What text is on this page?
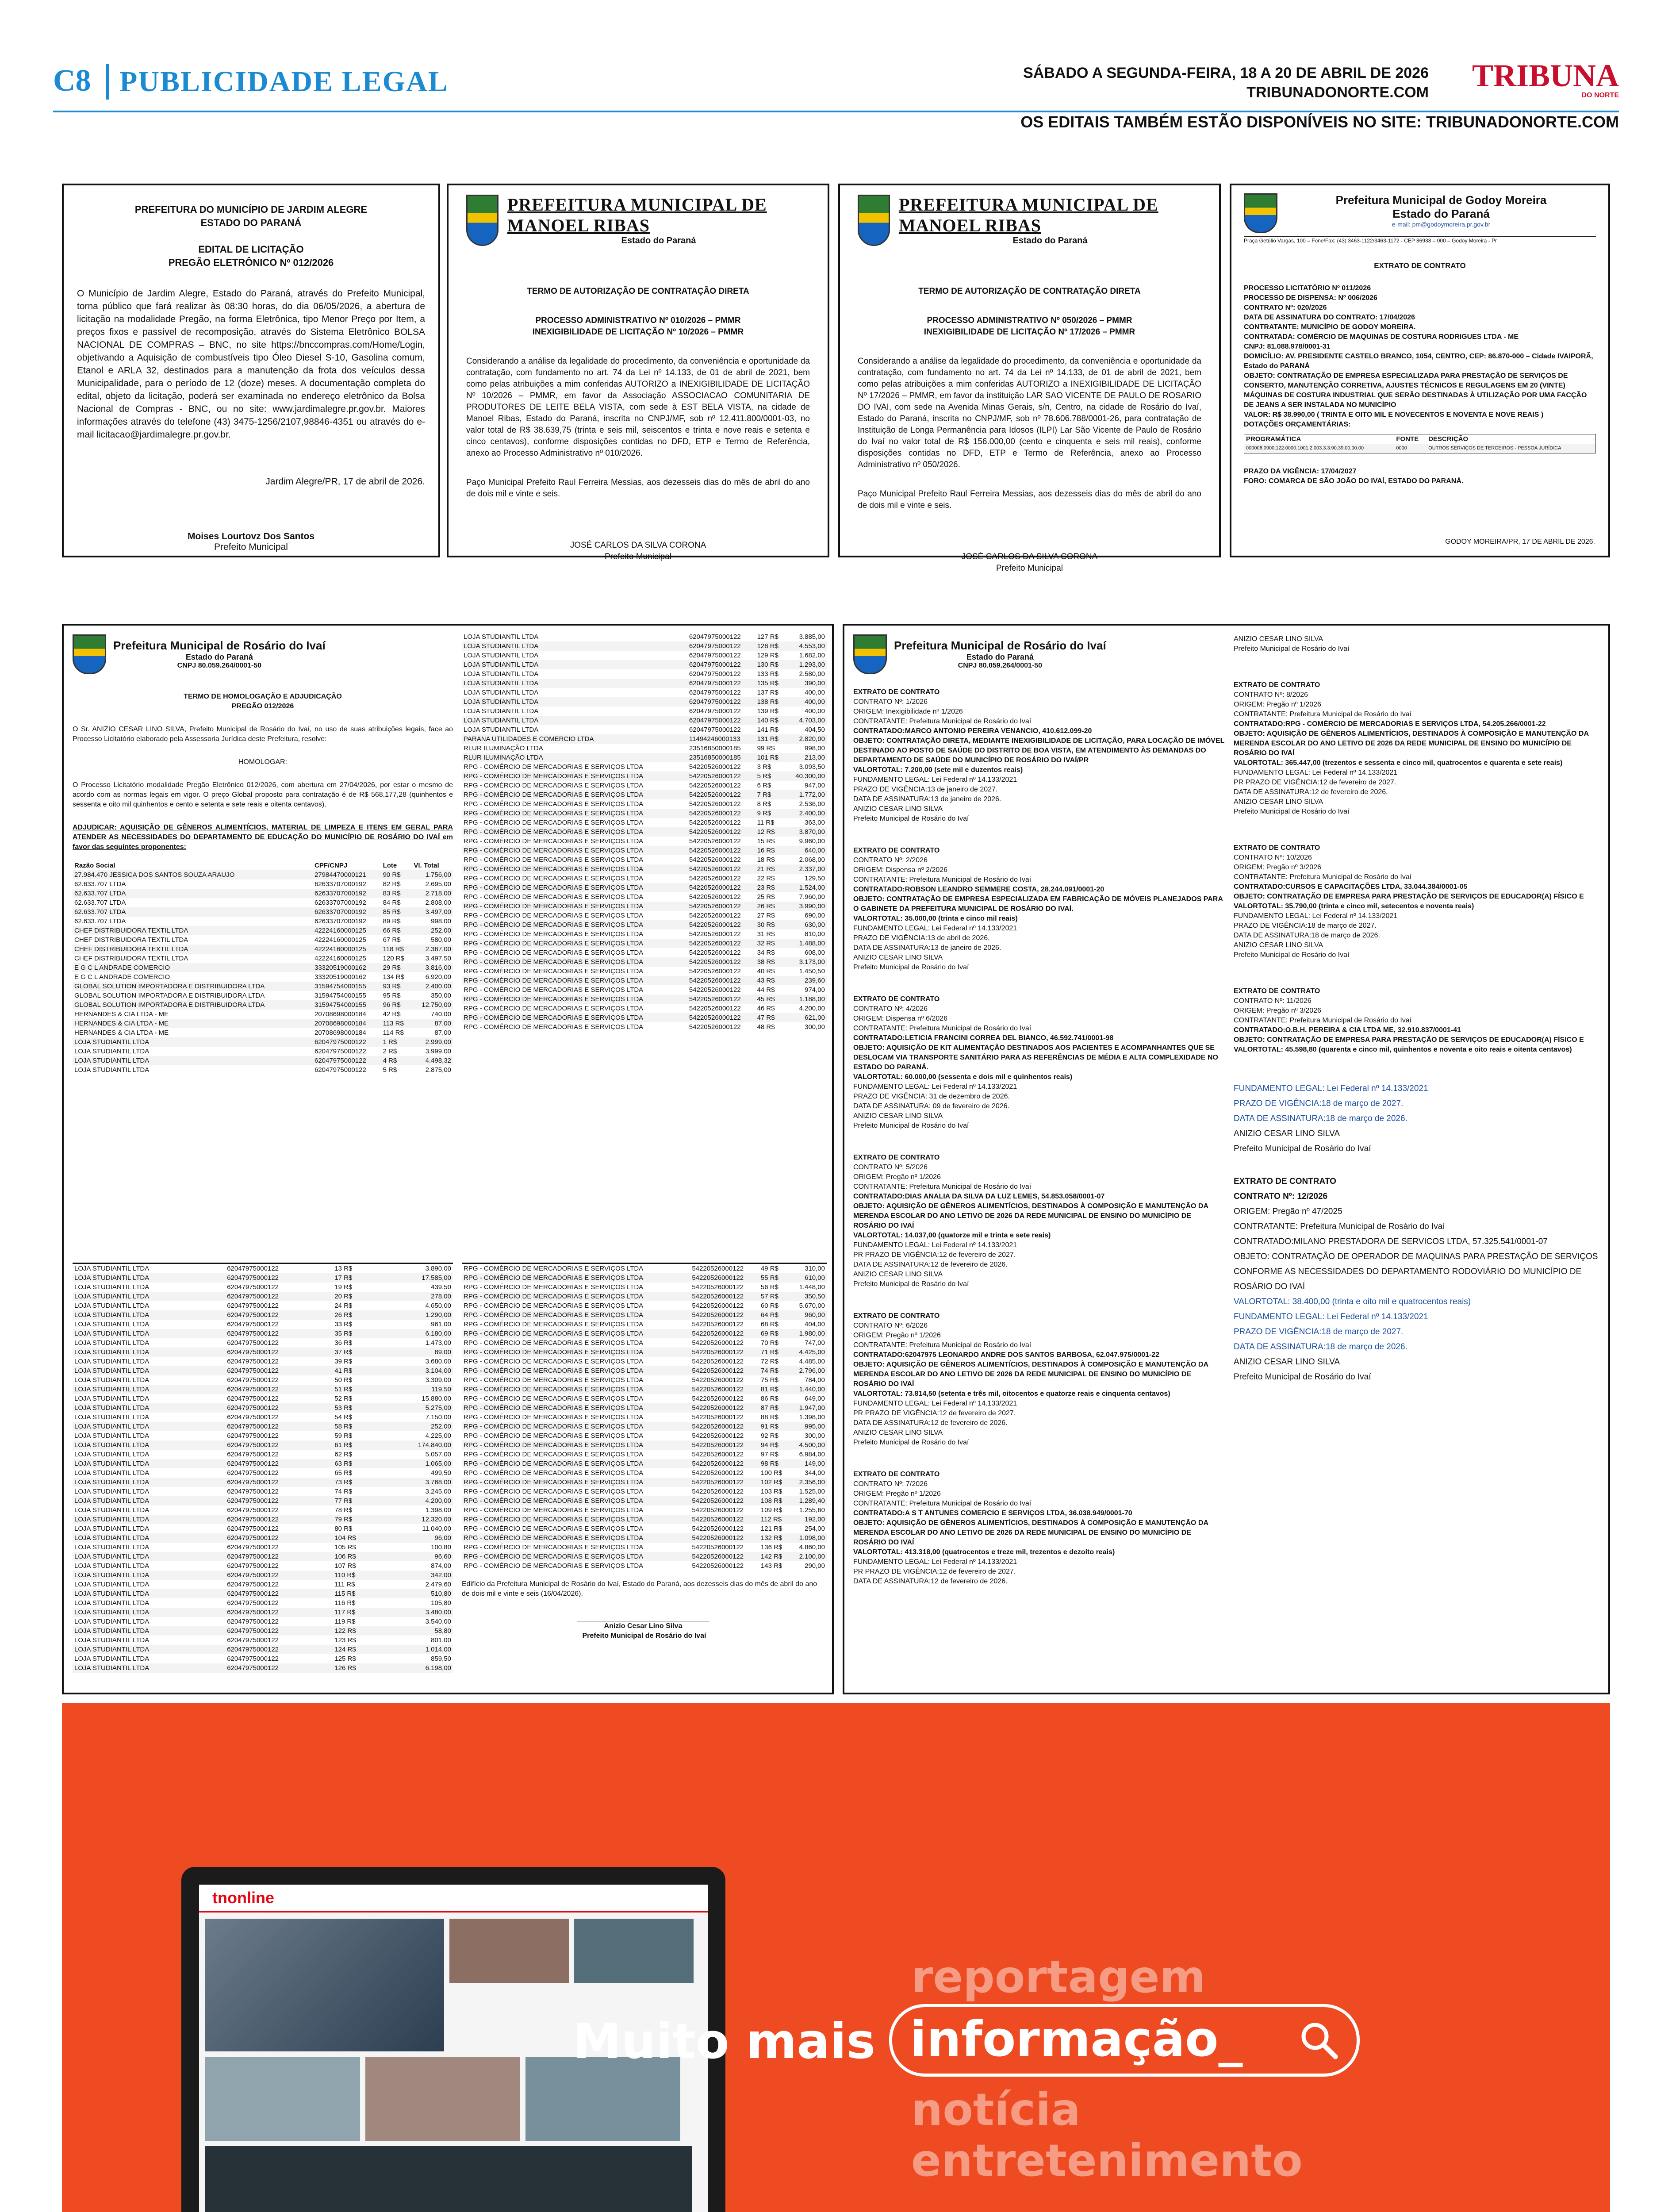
C8 PUBLICIDADE LEGAL	SÁBADO A SEGUNDA-FEIRA, 18 A 20 DE ABRIL DE 2026
TRIBUNADONORTE.COM	TRIBUNA
DO NORTE
OS EDITAIS TAMBÉM ESTÃO DISPONÍVEIS NO SITE: TRIBUNADONORTE.COM
PREFEITURA DO MUNICÍPIO DE JARDIM ALEGRE
ESTADO DO PARANÁ
EDITAL DE LICITAÇÃO
PREGÃO ELETRÔNICO Nº 012/2026
O Município de Jardim Alegre, Estado do Paraná, através do Prefeito Municipal, torna público que fará realizar às 08:30 horas, do dia 06/05/2026, a abertura de licitação na modalidade Pregão, na forma Eletrônica, tipo Menor Preço por Item, a preços fixos e passível de recomposição, através do Sistema Eletrônico BOLSA NACIONAL DE COMPRAS – BNC, no site https://bnccompras.com/Home/Login, objetivando a Aquisição de combustíveis tipo Óleo Diesel S-10, Gasolina comum, Etanol e ARLA 32, destinados para a manutenção da frota dos veículos dessa Municipalidade, para o período de 12 (doze) meses. A documentação completa do edital, objeto da licitação, poderá ser examinada no endereço eletrônico da Bolsa Nacional de Compras - BNC, ou no site: www.jardimalegre.pr.gov.br. Maiores informações através do telefone (43) 3475-1256/2107,98846-4351 ou através do e-mail licitacao@jardimalegre.pr.gov.br.
Jardim Alegre/PR, 17 de abril de 2026.
Moises Lourtovz Dos Santos
Prefeito Municipal
PREFEITURA MUNICIPAL DE MANOEL RIBAS
Estado do Paraná
TERMO DE AUTORIZAÇÃO DE CONTRATAÇÃO DIRETA
PROCESSO ADMINISTRATIVO Nº 010/2026 – PMMR
INEXIGIBILIDADE DE LICITAÇÃO Nº 10/2026 – PMMR
Considerando a análise da legalidade do procedimento, da conveniência e oportunidade da contratação, com fundamento no art. 74 da Lei nº 14.133, de 01 de abril de 2021, bem como pelas atribuições a mim conferidas AUTORIZO a INEXIGIBILIDADE DE LICITAÇÃO Nº 10/2026 – PMMR, em favor da Associação ASSOCIACAO COMUNITARIA DE PRODUTORES DE LEITE BELA VISTA, com sede à EST BELA VISTA, na cidade de Manoel Ribas, Estado do Paraná, inscrita no CNPJ/MF, sob nº 12.411.800/0001-03, no valor total de R$ 38.639,75 (trinta e seis mil, seiscentos e trinta e nove reais e setenta e cinco centavos), conforme disposições contidas no DFD, ETP e Termo de Referência, anexo ao Processo Administrativo nº 010/2026.
Paço Municipal Prefeito Raul Ferreira Messias, aos dezesseis dias do mês de abril do ano de dois mil e vinte e seis.
JOSÉ CARLOS DA SILVA CORONA
Prefeito Municipal
PREFEITURA MUNICIPAL DE MANOEL RIBAS
Estado do Paraná
TERMO DE AUTORIZAÇÃO DE CONTRATAÇÃO DIRETA
PROCESSO ADMINISTRATIVO Nº 050/2026 – PMMR
INEXIGIBILIDADE DE LICITAÇÃO Nº 17/2026 – PMMR
Considerando a análise da legalidade do procedimento, da conveniência e oportunidade da contratação, com fundamento no art. 74 da Lei nº 14.133, de 01 de abril de 2021, bem como pelas atribuições a mim conferidas AUTORIZO a INEXIGIBILIDADE DE LICITAÇÃO Nº 17/2026 – PMMR, em favor da instituição LAR SAO VICENTE DE PAULO DE ROSARIO DO IVAI, com sede na Avenida Minas Gerais, s/n, Centro, na cidade de Rosário do Ivaí, Estado do Paraná, inscrita no CNPJ/MF, sob nº 78.606.788/0001-26, para contratação de Instituição de Longa Permanência para Idosos (ILPI) Lar São Vicente de Paulo de Rosário do Ivaí no valor total de R$ 156.000,00 (cento e cinquenta e seis mil reais), conforme disposições contidas no DFD, ETP e Termo de Referência, anexo ao Processo Administrativo nº 050/2026.
Paço Municipal Prefeito Raul Ferreira Messias, aos dezesseis dias do mês de abril do ano de dois mil e vinte e seis.
JOSÉ CARLOS DA SILVA CORONA
Prefeito Municipal
Prefeitura Municipal de Godoy Moreira
Estado do Paraná
e-mail: pm@godoymoreira.pr.gov.br
Praça Getúlio Vargas, 100 – Fone/Fax: (43) 3463-1122/3463-1172 - CEP 86938 – 000 – Godoy Moreira - Pr
EXTRATO DE CONTRATO
PROCESSO LICITATÓRIO Nº 011/2026
PROCESSO DE DISPENSA: Nº 006/2026
CONTRATO Nº: 020/2026
DATA DE ASSINATURA DO CONTRATO: 17/04/2026
CONTRATANTE: MUNICÍPIO DE GODOY MOREIRA.
CONTRATADA: COMÉRCIO DE MAQUINAS DE COSTURA RODRIGUES LTDA - ME
CNPJ: 81.088.978/0001-31
DOMICÍLIO: AV. PRESIDENTE CASTELO BRANCO, 1054, CENTRO, CEP: 86.870-000 – Cidade IVAIPORÃ, Estado do PARANÁ
OBJETO: CONTRATAÇÃO DE EMPRESA ESPECIALIZADA PARA PRESTAÇÃO DE SERVIÇOS DE CONSERTO, MANUTENÇÃO CORRETIVA, AJUSTES TÉCNICOS E REGULAGENS EM 20 (VINTE) MÁQUINAS DE COSTURA INDUSTRIAL QUE SERÃO DESTINADAS À UTILIZAÇÃO POR UMA FACÇÃO DE JEANS A SER INSTALADA NO MUNICÍPIO
VALOR: R$ 38.990,00 ( TRINTA E OITO MIL E NOVECENTOS E NOVENTA E NOVE REAIS )
DOTAÇÕES ORÇAMENTÁRIAS:
PROGRAMÁTICA	FONTE	DESCRIÇÃO
000006.0900.122.0000.1001.2.003.3.3.90.39.00.00.00	0000	OUTROS SERVIÇOS DE TERCEIROS - PESSOA JURÍDICA
PRAZO DA VIGÊNCIA: 17/04/2027
FORO: COMARCA DE SÃO JOÃO DO IVAÍ, ESTADO DO PARANÁ.
GODOY MOREIRA/PR, 17 DE ABRIL DE 2026.
Prefeitura Municipal de Rosário do Ivaí
Estado do Paraná
CNPJ 80.059.264/0001-50
TERMO DE HOMOLOGAÇÃO E ADJUDICAÇÃO
PREGÃO 012/2026
O Sr. ANIZIO CESAR LINO SILVA, Prefeito Municipal de Rosário do Ivaí, no uso de suas atribuições legais, face ao Processo Licitatório elaborado pela Assessoria Jurídica deste Prefeitura, resolve:
HOMOLOGAR:
O Processo Licitatório modalidade Pregão Eletrônico 012/2026, com abertura em 27/04/2026, por estar o mesmo de acordo com as normas legais em vigor. O preço Global proposto para contratação é de R$ 568.177,28 (quinhentos e sessenta e oito mil quinhentos e cento e setenta e sete reais e oitenta centavos).
ADJUDICAR: AQUISIÇÃO DE GÊNEROS ALIMENTÍCIOS, MATERIAL DE LIMPEZA E ITENS EM GERAL PARA ATENDER AS NECESSIDADES DO DEPARTAMENTO DE EDUCAÇÃO DO MUNICÍPIO DE ROSÁRIO DO IVAÍ em favor das seguintes proponentes:
Razão Social	CPF/CNPJ	Lote	Vl. Total
27.984.470 JESSICA DOS SANTOS SOUZA ARAUJO	27984470000121	90 R$	1.756,00
62.633.707 LTDA	62633707000192	82 R$	2.695,00
62.633.707 LTDA	62633707000192	83 R$	2.718,00
62.633.707 LTDA	62633707000192	84 R$	2.808,00
62.633.707 LTDA	62633707000192	85 R$	3.497,00
62.633.707 LTDA	62633707000192	89 R$	998,00
CHEF DISTRIBUIDORA TEXTIL LTDA	42224160000125	66 R$	252,00
CHEF DISTRIBUIDORA TEXTIL LTDA	42224160000125	67 R$	580,00
CHEF DISTRIBUIDORA TEXTIL LTDA	42224160000125	118 R$	2.367,00
CHEF DISTRIBUIDORA TEXTIL LTDA	42224160000125	120 R$	3.497,50
E G C L ANDRADE COMERCIO	33320519000162	29 R$	3.816,00
E G C L ANDRADE COMERCIO	33320519000162	134 R$	6.920,00
GLOBAL SOLUTION IMPORTADORA E DISTRIBUIDORA LTDA	31594754000155	93 R$	2.400,00
GLOBAL SOLUTION IMPORTADORA E DISTRIBUIDORA LTDA	31594754000155	95 R$	350,00
GLOBAL SOLUTION IMPORTADORA E DISTRIBUIDORA LTDA	31594754000155	96 R$	12.750,00
HERNANDES & CIA LTDA - ME	20708698000184	42 R$	740,00
HERNANDES & CIA LTDA - ME	20708698000184	113 R$	87,00
HERNANDES & CIA LTDA - ME	20708698000184	114 R$	87,00
LOJA STUDIANTIL LTDA	62047975000122	1 R$	2.999,00
LOJA STUDIANTIL LTDA	62047975000122	2 R$	3.999,00
LOJA STUDIANTIL LTDA	62047975000122	4 R$	4.498,32
LOJA STUDIANTIL LTDA	62047975000122	5 R$	2.875,00
LOJA STUDIANTIL LTDA	62047975000122	127 R$	3.885,00
LOJA STUDIANTIL LTDA	62047975000122	128 R$	4.553,00
LOJA STUDIANTIL LTDA	62047975000122	129 R$	1.682,00
LOJA STUDIANTIL LTDA	62047975000122	130 R$	1.293,00
LOJA STUDIANTIL LTDA	62047975000122	133 R$	2.580,00
LOJA STUDIANTIL LTDA	62047975000122	135 R$	390,00
LOJA STUDIANTIL LTDA	62047975000122	137 R$	400,00
LOJA STUDIANTIL LTDA	62047975000122	138 R$	400,00
LOJA STUDIANTIL LTDA	62047975000122	139 R$	400,00
LOJA STUDIANTIL LTDA	62047975000122	140 R$	4.703,00
LOJA STUDIANTIL LTDA	62047975000122	141 R$	404,50
PARANA UTILIDADES E COMERCIO LTDA	11494246000133	131 R$	2.820,00
RLUR ILUMINAÇÃO LTDA	23516850000185	99 R$	998,00
RLUR ILUMINAÇÃO LTDA	23516850000185	101 R$	213,00
RPG - COMÉRCIO DE MERCADORIAS E SERVIÇOS LTDA	54220526000122	3 R$	3.093,50
RPG - COMÉRCIO DE MERCADORIAS E SERVIÇOS LTDA	54220526000122	5 R$	40.300,00
RPG - COMÉRCIO DE MERCADORIAS E SERVIÇOS LTDA	54220526000122	6 R$	947,00
RPG - COMÉRCIO DE MERCADORIAS E SERVIÇOS LTDA	54220526000122	7 R$	1.772,00
RPG - COMÉRCIO DE MERCADORIAS E SERVIÇOS LTDA	54220526000122	8 R$	2.536,00
RPG - COMÉRCIO DE MERCADORIAS E SERVIÇOS LTDA	54220526000122	9 R$	2.400,00
RPG - COMÉRCIO DE MERCADORIAS E SERVIÇOS LTDA	54220526000122	11 R$	363,00
RPG - COMÉRCIO DE MERCADORIAS E SERVIÇOS LTDA	54220526000122	12 R$	3.870,00
RPG - COMÉRCIO DE MERCADORIAS E SERVIÇOS LTDA	54220526000122	15 R$	9.960,00
RPG - COMÉRCIO DE MERCADORIAS E SERVIÇOS LTDA	54220526000122	16 R$	640,00
RPG - COMÉRCIO DE MERCADORIAS E SERVIÇOS LTDA	54220526000122	18 R$	2.068,00
RPG - COMÉRCIO DE MERCADORIAS E SERVIÇOS LTDA	54220526000122	21 R$	2.337,00
RPG - COMÉRCIO DE MERCADORIAS E SERVIÇOS LTDA	54220526000122	22 R$	129,50
RPG - COMÉRCIO DE MERCADORIAS E SERVIÇOS LTDA	54220526000122	23 R$	1.524,00
RPG - COMÉRCIO DE MERCADORIAS E SERVIÇOS LTDA	54220526000122	25 R$	7.960,00
RPG - COMÉRCIO DE MERCADORIAS E SERVIÇOS LTDA	54220526000122	26 R$	3.990,00
RPG - COMÉRCIO DE MERCADORIAS E SERVIÇOS LTDA	54220526000122	27 R$	690,00
RPG - COMÉRCIO DE MERCADORIAS E SERVIÇOS LTDA	54220526000122	30 R$	630,00
RPG - COMÉRCIO DE MERCADORIAS E SERVIÇOS LTDA	54220526000122	31 R$	810,00
RPG - COMÉRCIO DE MERCADORIAS E SERVIÇOS LTDA	54220526000122	32 R$	1.488,00
RPG - COMÉRCIO DE MERCADORIAS E SERVIÇOS LTDA	54220526000122	34 R$	608,00
RPG - COMÉRCIO DE MERCADORIAS E SERVIÇOS LTDA	54220526000122	38 R$	3.173,00
RPG - COMÉRCIO DE MERCADORIAS E SERVIÇOS LTDA	54220526000122	40 R$	1.450,50
RPG - COMÉRCIO DE MERCADORIAS E SERVIÇOS LTDA	54220526000122	43 R$	239,60
RPG - COMÉRCIO DE MERCADORIAS E SERVIÇOS LTDA	54220526000122	44 R$	974,00
RPG - COMÉRCIO DE MERCADORIAS E SERVIÇOS LTDA	54220526000122	45 R$	1.188,00
RPG - COMÉRCIO DE MERCADORIAS E SERVIÇOS LTDA	54220526000122	46 R$	4.200,00
RPG - COMÉRCIO DE MERCADORIAS E SERVIÇOS LTDA	54220526000122	47 R$	621,00
RPG - COMÉRCIO DE MERCADORIAS E SERVIÇOS LTDA	54220526000122	48 R$	300,00
LOJA STUDIANTIL LTDA	62047975000122	13 R$	3.890,00
LOJA STUDIANTIL LTDA	62047975000122	17 R$	17.585,00
LOJA STUDIANTIL LTDA	62047975000122	19 R$	439,50
LOJA STUDIANTIL LTDA	62047975000122	20 R$	278,00
LOJA STUDIANTIL LTDA	62047975000122	24 R$	4.650,00
LOJA STUDIANTIL LTDA	62047975000122	26 R$	1.290,00
LOJA STUDIANTIL LTDA	62047975000122	33 R$	961,00
LOJA STUDIANTIL LTDA	62047975000122	35 R$	6.180,00
LOJA STUDIANTIL LTDA	62047975000122	36 R$	1.473,00
LOJA STUDIANTIL LTDA	62047975000122	37 R$	89,00
LOJA STUDIANTIL LTDA	62047975000122	39 R$	3.680,00
LOJA STUDIANTIL LTDA	62047975000122	41 R$	3.104,00
LOJA STUDIANTIL LTDA	62047975000122	50 R$	3.309,00
LOJA STUDIANTIL LTDA	62047975000122	51 R$	119,50
LOJA STUDIANTIL LTDA	62047975000122	52 R$	15.880,00
LOJA STUDIANTIL LTDA	62047975000122	53 R$	5.275,00
LOJA STUDIANTIL LTDA	62047975000122	54 R$	7.150,00
LOJA STUDIANTIL LTDA	62047975000122	58 R$	252,00
LOJA STUDIANTIL LTDA	62047975000122	59 R$	4.225,00
LOJA STUDIANTIL LTDA	62047975000122	61 R$	174.840,00
LOJA STUDIANTIL LTDA	62047975000122	62 R$	5.057,00
LOJA STUDIANTIL LTDA	62047975000122	63 R$	1.065,00
LOJA STUDIANTIL LTDA	62047975000122	65 R$	499,50
LOJA STUDIANTIL LTDA	62047975000122	73 R$	3.768,00
LOJA STUDIANTIL LTDA	62047975000122	74 R$	3.245,00
LOJA STUDIANTIL LTDA	62047975000122	77 R$	4.200,00
LOJA STUDIANTIL LTDA	62047975000122	78 R$	1.398,00
LOJA STUDIANTIL LTDA	62047975000122	79 R$	12.320,00
LOJA STUDIANTIL LTDA	62047975000122	80 R$	11.040,00
LOJA STUDIANTIL LTDA	62047975000122	104 R$	96,00
LOJA STUDIANTIL LTDA	62047975000122	105 R$	100,80
LOJA STUDIANTIL LTDA	62047975000122	106 R$	96,60
LOJA STUDIANTIL LTDA	62047975000122	107 R$	874,00
LOJA STUDIANTIL LTDA	62047975000122	110 R$	342,00
LOJA STUDIANTIL LTDA	62047975000122	111 R$	2.479,60
LOJA STUDIANTIL LTDA	62047975000122	115 R$	510,80
LOJA STUDIANTIL LTDA	62047975000122	116 R$	105,80
LOJA STUDIANTIL LTDA	62047975000122	117 R$	3.480,00
LOJA STUDIANTIL LTDA	62047975000122	119 R$	3.540,00
LOJA STUDIANTIL LTDA	62047975000122	122 R$	58,80
LOJA STUDIANTIL LTDA	62047975000122	123 R$	801,00
LOJA STUDIANTIL LTDA	62047975000122	124 R$	1.014,00
LOJA STUDIANTIL LTDA	62047975000122	125 R$	859,50
LOJA STUDIANTIL LTDA	62047975000122	126 R$	6.198,00
RPG - COMÉRCIO DE MERCADORIAS E SERVIÇOS LTDA	54220526000122	49 R$	310,00
RPG - COMÉRCIO DE MERCADORIAS E SERVIÇOS LTDA	54220526000122	55 R$	610,00
RPG - COMÉRCIO DE MERCADORIAS E SERVIÇOS LTDA	54220526000122	56 R$	1.448,00
RPG - COMÉRCIO DE MERCADORIAS E SERVIÇOS LTDA	54220526000122	57 R$	350,50
RPG - COMÉRCIO DE MERCADORIAS E SERVIÇOS LTDA	54220526000122	60 R$	5.670,00
RPG - COMÉRCIO DE MERCADORIAS E SERVIÇOS LTDA	54220526000122	64 R$	960,00
RPG - COMÉRCIO DE MERCADORIAS E SERVIÇOS LTDA	54220526000122	68 R$	404,00
RPG - COMÉRCIO DE MERCADORIAS E SERVIÇOS LTDA	54220526000122	69 R$	1.980,00
RPG - COMÉRCIO DE MERCADORIAS E SERVIÇOS LTDA	54220526000122	70 R$	747,00
RPG - COMÉRCIO DE MERCADORIAS E SERVIÇOS LTDA	54220526000122	71 R$	4.425,00
RPG - COMÉRCIO DE MERCADORIAS E SERVIÇOS LTDA	54220526000122	72 R$	4.485,00
RPG - COMÉRCIO DE MERCADORIAS E SERVIÇOS LTDA	54220526000122	74 R$	2.796,00
RPG - COMÉRCIO DE MERCADORIAS E SERVIÇOS LTDA	54220526000122	75 R$	784,00
RPG - COMÉRCIO DE MERCADORIAS E SERVIÇOS LTDA	54220526000122	81 R$	1.440,00
RPG - COMÉRCIO DE MERCADORIAS E SERVIÇOS LTDA	54220526000122	86 R$	649,00
RPG - COMÉRCIO DE MERCADORIAS E SERVIÇOS LTDA	54220526000122	87 R$	1.947,00
RPG - COMÉRCIO DE MERCADORIAS E SERVIÇOS LTDA	54220526000122	88 R$	1.398,00
RPG - COMÉRCIO DE MERCADORIAS E SERVIÇOS LTDA	54220526000122	91 R$	995,00
RPG - COMÉRCIO DE MERCADORIAS E SERVIÇOS LTDA	54220526000122	92 R$	300,00
RPG - COMÉRCIO DE MERCADORIAS E SERVIÇOS LTDA	54220526000122	94 R$	4.500,00
RPG - COMÉRCIO DE MERCADORIAS E SERVIÇOS LTDA	54220526000122	97 R$	6.984,00
RPG - COMÉRCIO DE MERCADORIAS E SERVIÇOS LTDA	54220526000122	98 R$	149,00
RPG - COMÉRCIO DE MERCADORIAS E SERVIÇOS LTDA	54220526000122	100 R$	344,00
RPG - COMÉRCIO DE MERCADORIAS E SERVIÇOS LTDA	54220526000122	102 R$	2.356,00
RPG - COMÉRCIO DE MERCADORIAS E SERVIÇOS LTDA	54220526000122	103 R$	1.525,00
RPG - COMÉRCIO DE MERCADORIAS E SERVIÇOS LTDA	54220526000122	108 R$	1.289,40
RPG - COMÉRCIO DE MERCADORIAS E SERVIÇOS LTDA	54220526000122	109 R$	1.255,60
RPG - COMÉRCIO DE MERCADORIAS E SERVIÇOS LTDA	54220526000122	112 R$	192,00
RPG - COMÉRCIO DE MERCADORIAS E SERVIÇOS LTDA	54220526000122	121 R$	254,00
RPG - COMÉRCIO DE MERCADORIAS E SERVIÇOS LTDA	54220526000122	132 R$	1.098,00
RPG - COMÉRCIO DE MERCADORIAS E SERVIÇOS LTDA	54220526000122	136 R$	4.860,00
RPG - COMÉRCIO DE MERCADORIAS E SERVIÇOS LTDA	54220526000122	142 R$	2.100,00
RPG - COMÉRCIO DE MERCADORIAS E SERVIÇOS LTDA	54220526000122	143 R$	290,00
Edifício da Prefeitura Municipal de Rosário do Ivaí, Estado do Paraná, aos dezesseis dias do mês de abril do ano de dois mil e vinte e seis (16/04/2026).
Anizio Cesar Lino Silva
Prefeito Municipal de Rosário do Ivaí
Prefeitura Municipal de Rosário do Ivaí
Estado do Paraná
CNPJ 80.059.264/0001-50
EXTRATO DE CONTRATO
CONTRATO Nº: 1/2026
ORIGEM: Inexigibilidade nº 1/2026
CONTRATANTE: Prefeitura Municipal de Rosário do Ivaí
CONTRATADO:MARCO ANTONIO PEREIRA VENANCIO, 410.612.099-20
OBJETO: CONTRATAÇÃO DIRETA, MEDIANTE INEXIGIBILIDADE DE LICITAÇÃO, PARA LOCAÇÃO DE IMÓVEL DESTINADO AO POSTO DE SAÚDE DO DISTRITO DE BOA VISTA, EM ATENDIMENTO ÀS DEMANDAS DO DEPARTAMENTO DE SAÚDE DO MUNICÍPIO DE ROSÁRIO DO IVAÍ/PR
VALORTOTAL: 7.200,00 (sete mil e duzentos reais)
FUNDAMENTO LEGAL: Lei Federal nº 14.133/2021
PRAZO DE VIGÊNCIA:13 de janeiro de 2027.
DATA DE ASSINATURA:13 de janeiro de 2026.
ANIZIO CESAR LINO SILVA
Prefeito Municipal de Rosário do Ivaí
EXTRATO DE CONTRATO
CONTRATO Nº: 2/2026
ORIGEM: Dispensa nº 2/2026
CONTRATANTE: Prefeitura Municipal de Rosário do Ivaí
CONTRATADO:ROBSON LEANDRO SEMMERE COSTA, 28.244.091/0001-20
OBJETO: CONTRATAÇÃO DE EMPRESA ESPECIALIZADA EM FABRICAÇÃO DE MÓVEIS PLANEJADOS PARA O GABINETE DA PREFEITURA MUNICIPAL DE ROSÁRIO DO IVAÍ.
VALORTOTAL: 35.000,00 (trinta e cinco mil reais)
FUNDAMENTO LEGAL: Lei Federal nº 14.133/2021
PRAZO DE VIGÊNCIA:13 de abril de 2026.
DATA DE ASSINATURA:13 de janeiro de 2026.
ANIZIO CESAR LINO SILVA
Prefeito Municipal de Rosário do Ivaí
EXTRATO DE CONTRATO
CONTRATO Nº: 4/2026
ORIGEM: Dispensa nº 6/2026
CONTRATANTE: Prefeitura Municipal de Rosário do Ivaí
CONTRATADO:LETICIA FRANCINI CORREA DEL BIANCO, 46.592.741/0001-98
OBJETO: AQUISIÇÃO DE KIT ALIMENTAÇÃO DESTINADOS AOS PACIENTES E ACOMPANHANTES QUE SE DESLOCAM VIA TRANSPORTE SANITÁRIO PARA AS REFERÊNCIAS DE MÉDIA E ALTA COMPLEXIDADE NO ESTADO DO PARANÁ.
VALORTOTAL: 60.000,00 (sessenta e dois mil e quinhentos reais)
FUNDAMENTO LEGAL: Lei Federal nº 14.133/2021
PRAZO DE VIGÊNCIA: 31 de dezembro de 2026.
DATA DE ASSINATURA: 09 de fevereiro de 2026.
ANIZIO CESAR LINO SILVA
Prefeito Municipal de Rosário do Ivaí
EXTRATO DE CONTRATO
CONTRATO Nº: 5/2026
ORIGEM: Pregão nº 1/2026
CONTRATANTE: Prefeitura Municipal de Rosário do Ivaí
CONTRATADO:DIAS ANALIA DA SILVA DA LUZ LEMES, 54.853.058/0001-07
OBJETO: AQUISIÇÃO DE GÊNEROS ALIMENTÍCIOS, DESTINADOS À COMPOSIÇÃO E MANUTENÇÃO DA MERENDA ESCOLAR DO ANO LETIVO DE 2026 DA REDE MUNICIPAL DE ENSINO DO MUNICÍPIO DE ROSÁRIO DO IVAÍ
VALORTOTAL: 14.037,00 (quatorze mil e trinta e sete reais)
FUNDAMENTO LEGAL: Lei Federal nº 14.133/2021
PR PRAZO DE VIGÊNCIA:12 de fevereiro de 2027.
DATA DE ASSINATURA:12 de fevereiro de 2026.
ANIZIO CESAR LINO SILVA
Prefeito Municipal de Rosário do Ivaí
EXTRATO DE CONTRATO
CONTRATO Nº: 6/2026
ORIGEM: Pregão nº 1/2026
CONTRATANTE: Prefeitura Municipal de Rosário do Ivaí
CONTRATADO:62047975 LEONARDO ANDRE DOS SANTOS BARBOSA, 62.047.975/0001-22
OBJETO: AQUISIÇÃO DE GÊNEROS ALIMENTÍCIOS, DESTINADOS À COMPOSIÇÃO E MANUTENÇÃO DA MERENDA ESCOLAR DO ANO LETIVO DE 2026 DA REDE MUNICIPAL DE ENSINO DO MUNICÍPIO DE ROSÁRIO DO IVAÍ
VALORTOTAL: 73.814,50 (setenta e três mil, oitocentos e quatorze reais e cinquenta centavos)
FUNDAMENTO LEGAL: Lei Federal nº 14.133/2021
PR PRAZO DE VIGÊNCIA:12 de fevereiro de 2027.
DATA DE ASSINATURA:12 de fevereiro de 2026.
ANIZIO CESAR LINO SILVA
Prefeito Municipal de Rosário do Ivaí
EXTRATO DE CONTRATO
CONTRATO Nº: 7/2026
ORIGEM: Pregão nº 1/2026
CONTRATANTE: Prefeitura Municipal de Rosário do Ivaí
CONTRATADO:A S T ANTUNES COMERCIO E SERVIÇOS LTDA, 36.038.949/0001-70
OBJETO: AQUISIÇÃO DE GÊNEROS ALIMENTÍCIOS, DESTINADOS À COMPOSIÇÃO E MANUTENÇÃO DA MERENDA ESCOLAR DO ANO LETIVO DE 2026 DA REDE MUNICIPAL DE ENSINO DO MUNICÍPIO DE ROSÁRIO DO IVAÍ
VALORTOTAL: 413.318,00 (quatrocentos e treze mil, trezentos e dezoito reais)
FUNDAMENTO LEGAL: Lei Federal nº 14.133/2021
PR PRAZO DE VIGÊNCIA:12 de fevereiro de 2027.
DATA DE ASSINATURA:12 de fevereiro de 2026.
ANIZIO CESAR LINO SILVA
Prefeito Municipal de Rosário do Ivaí
EXTRATO DE CONTRATO
CONTRATO Nº: 8/2026
ORIGEM: Pregão nº 1/2026
CONTRATANTE: Prefeitura Municipal de Rosário do Ivaí
CONTRATADO:RPG - COMÉRCIO DE MERCADORIAS E SERVIÇOS LTDA, 54.205.266/0001-22
OBJETO: AQUISIÇÃO DE GÊNEROS ALIMENTÍCIOS, DESTINADOS À COMPOSIÇÃO E MANUTENÇÃO DA MERENDA ESCOLAR DO ANO LETIVO DE 2026 DA REDE MUNICIPAL DE ENSINO DO MUNICÍPIO DE ROSÁRIO DO IVAÍ
VALORTOTAL: 365.447,00 (trezentos e sessenta e cinco mil, quatrocentos e quarenta e sete reais)
FUNDAMENTO LEGAL: Lei Federal nº 14.133/2021
PR PRAZO DE VIGÊNCIA:12 de fevereiro de 2027.
DATA DE ASSINATURA:12 de fevereiro de 2026.
ANIZIO CESAR LINO SILVA
Prefeito Municipal de Rosário do Ivaí
EXTRATO DE CONTRATO
CONTRATO Nº: 10/2026
ORIGEM: Pregão nº 3/2026
CONTRATANTE: Prefeitura Municipal de Rosário do Ivaí
CONTRATADO:CURSOS E CAPACITAÇÕES LTDA, 33.044.384/0001-05
OBJETO: CONTRATAÇÃO DE EMPRESA PARA PRESTAÇÃO DE SERVIÇOS DE EDUCADOR(A) FÍSICO E
VALORTOTAL: 35.790,00 (trinta e cinco mil, setecentos e noventa reais)
FUNDAMENTO LEGAL: Lei Federal nº 14.133/2021
PRAZO DE VIGÊNCIA:18 de março de 2027.
DATA DE ASSINATURA:18 de março de 2026.
ANIZIO CESAR LINO SILVA
Prefeito Municipal de Rosário do Ivaí
EXTRATO DE CONTRATO
CONTRATO Nº: 11/2026
ORIGEM: Pregão nº 3/2026
CONTRATANTE: Prefeitura Municipal de Rosário do Ivaí
CONTRATADO:O.B.H. PEREIRA & CIA LTDA ME, 32.910.837/0001-41
OBJETO: CONTRATAÇÃO DE EMPRESA PARA PRESTAÇÃO DE SERVIÇOS DE EDUCADOR(A) FÍSICO E
VALORTOTAL: 45.598,80 (quarenta e cinco mil, quinhentos e noventa e oito reais e oitenta centavos)
FUNDAMENTO LEGAL: Lei Federal nº 14.133/2021
PRAZO DE VIGÊNCIA:18 de março de 2027.
DATA DE ASSINATURA:18 de março de 2026.
ANIZIO CESAR LINO SILVA
Prefeito Municipal de Rosário do Ivaí
EXTRATO DE CONTRATO
CONTRATO Nº: 12/2026
ORIGEM: Pregão nº 47/2025
CONTRATANTE: Prefeitura Municipal de Rosário do Ivaí
CONTRATADO:MILANO PRESTADORA DE SERVICOS LTDA, 57.325.541/0001-07
OBJETO: CONTRATAÇÃO DE OPERADOR DE MAQUINAS PARA PRESTAÇÃO DE SERVIÇOS CONFORME AS NECESSIDADES DO DEPARTAMENTO RODOVIÁRIO DO MUNICÍPIO DE ROSÁRIO DO IVAÍ
VALORTOTAL: 38.400,00 (trinta e oito mil e quatrocentos reais)
FUNDAMENTO LEGAL: Lei Federal nº 14.133/2021
PRAZO DE VIGÊNCIA:18 de março de 2027.
DATA DE ASSINATURA:18 de março de 2026.
ANIZIO CESAR LINO SILVA
Prefeito Municipal de Rosário do Ivaí
tnonline
reportagem
Muito mais informação_
notícia
entretenimento
